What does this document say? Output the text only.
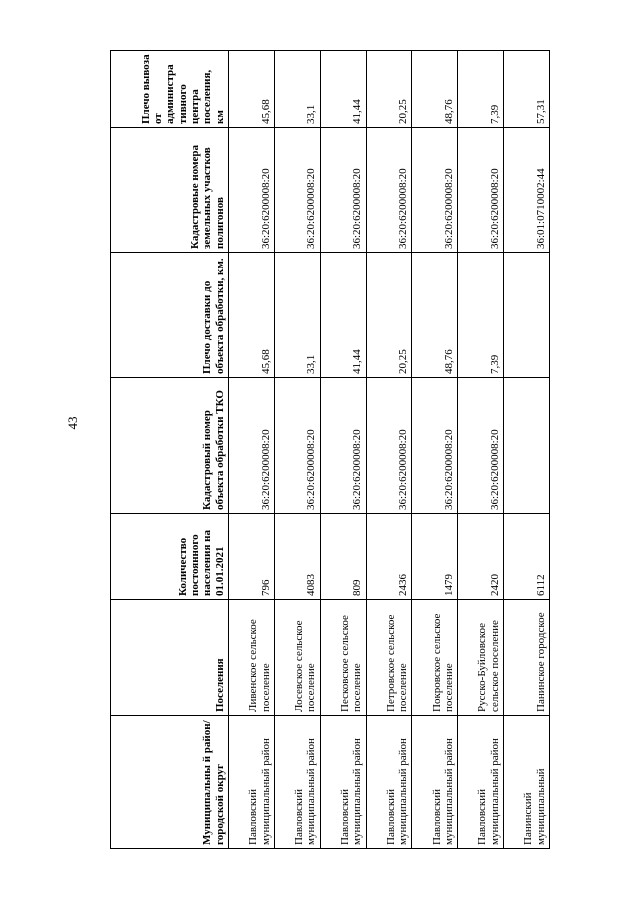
43
Муниципальны й район/ городской округ	Поселения	Количество постоянного населения на 01.01.2021	Кадастровый номер объекта обработки ТКО	Плечо доставки до объекта обработки, км.	Кадастровые номера земельных участков полигонов	Плечо вывоза от администра тивного центра поселения, км
Павловский муниципальный район	Ливенское сельское поселение	796	36:20:6200008:20	45,68	36:20:6200008:20	45,68
Павловский муниципальный район	Лосевское сельское поселение	4083	36:20:6200008:20	33,1	36:20:6200008:20	33,1
Павловский муниципальный район	Песковское сельское поселение	809	36:20:6200008:20	41,44	36:20:6200008:20	41,44
Павловский муниципальный район	Петровское сельское поселение	2436	36:20:6200008:20	20,25	36:20:6200008:20	20,25
Павловский муниципальный район	Покровское сельское поселение	1479	36:20:6200008:20	48,76	36:20:6200008:20	48,76
Павловский муниципальный район	Русско-Буйловское сельское поселение	2420	36:20:6200008:20	7,39	36:20:6200008:20	7,39
Панинский муниципальный	Панинское городское	6112			36:01:0710002:44	57,31
